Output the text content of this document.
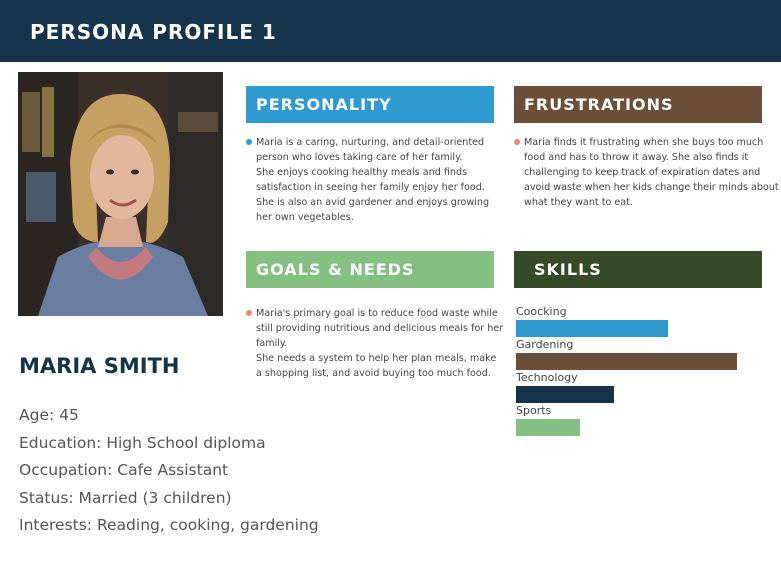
PERSONA PROFILE 1
MARIA SMITH
Age: 45
Education: High School diploma
Occupation: Cafe Assistant
Status: Married (3 children)
Interests: Reading, cooking, gardening
PERSONALITY
Maria is a caring, nurturing, and detail-oriented
person who loves taking care of her family.
She enjoys cooking healthy meals and finds
satisfaction in seeing her family enjoy her food.
She is also an avid gardener and enjoys growing
her own vegetables.
FRUSTRATIONS
Maria finds it frustrating when she buys too much
food and has to throw it away. She also finds it
challenging to keep track of expiration dates and
avoid waste when her kids change their minds about
what they want to eat.
GOALS & NEEDS
Maria's primary goal is to reduce food waste while
still providing nutritious and delicious meals for her
family.
She needs a system to help her plan meals, make
a shopping list, and avoid buying too much food.
SKILLS
Coocking
Gardening
Technology
Sports
